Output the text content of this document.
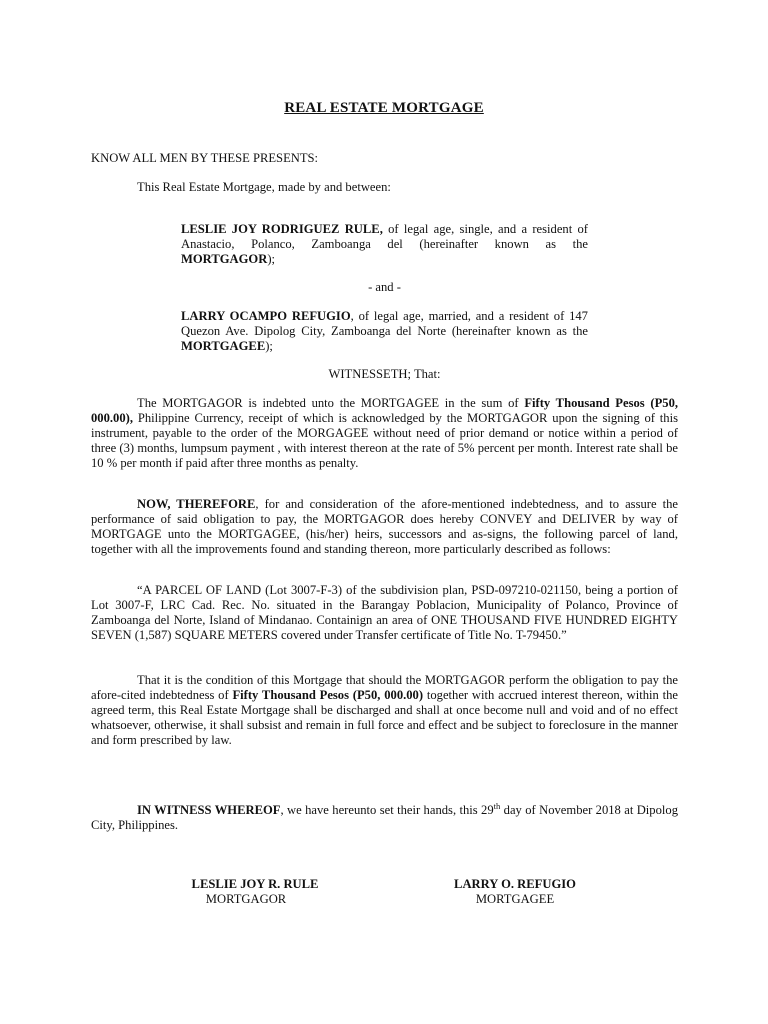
REAL ESTATE MORTGAGE

KNOW ALL MEN BY THESE PRESENTS:

This Real Estate Mortgage, made by and between:

LESLIE JOY RODRIGUEZ RULE, of legal age, single, and a resident of Anastacio, Polanco, Zamboanga del (hereinafter known as the MORTGAGOR);

- and -

LARRY OCAMPO REFUGIO, of legal age, married, and a resident of 147 Quezon Ave. Dipolog City, Zamboanga del Norte (hereinafter known as the MORTGAGEE);

WITNESSETH; That:

The MORTGAGOR is indebted unto the MORTGAGEE in the sum of Fifty Thousand Pesos (P50, 000.00), Philippine Currency, receipt of which is acknowledged by the MORTGAGOR upon the signing of this instrument, payable to the order of the MORGAGEE without need of prior demand or notice within a period of three (3) months, lumpsum payment , with interest thereon at the rate of 5% percent per month. Interest rate shall be 10 % per month if paid after three months as penalty.

NOW, THEREFORE, for and consideration of the afore-mentioned indebtedness, and to assure the performance of said obligation to pay, the MORTGAGOR does hereby CONVEY and DELIVER by way of MORTGAGE unto the MORTGAGEE, (his/her) heirs, successors and as-signs, the following parcel of land, together with all the improvements found and standing thereon, more particularly described as follows:

“A PARCEL OF LAND (Lot 3007-F-3) of the subdivision plan, PSD-097210-021150, being a portion of Lot 3007-F, LRC Cad. Rec. No. situated in the Barangay Poblacion, Municipality of Polanco, Province of Zamboanga del Norte, Island of Mindanao. Containign an area of ONE THOUSAND FIVE HUNDRED EIGHTY SEVEN (1,587) SQUARE METERS covered under Transfer certificate of Title No. T-79450.”

That it is the condition of this Mortgage that should the MORTGAGOR perform the obligation to pay the afore-cited indebtedness of Fifty Thousand Pesos (P50, 000.00) together with accrued interest thereon, within the agreed term, this Real Estate Mortgage shall be discharged and shall at once become null and void and of no effect whatsoever, otherwise, it shall subsist and remain in full force and effect and be subject to foreclosure in the manner and form prescribed by law.

IN WITNESS WHEREOF, we have hereunto set their hands, this 29th day of November 2018 at Dipolog City, Philippines.

LESLIE JOY R. RULE
MORTGAGOR
LARRY O. REFUGIO
MORTGAGEE
